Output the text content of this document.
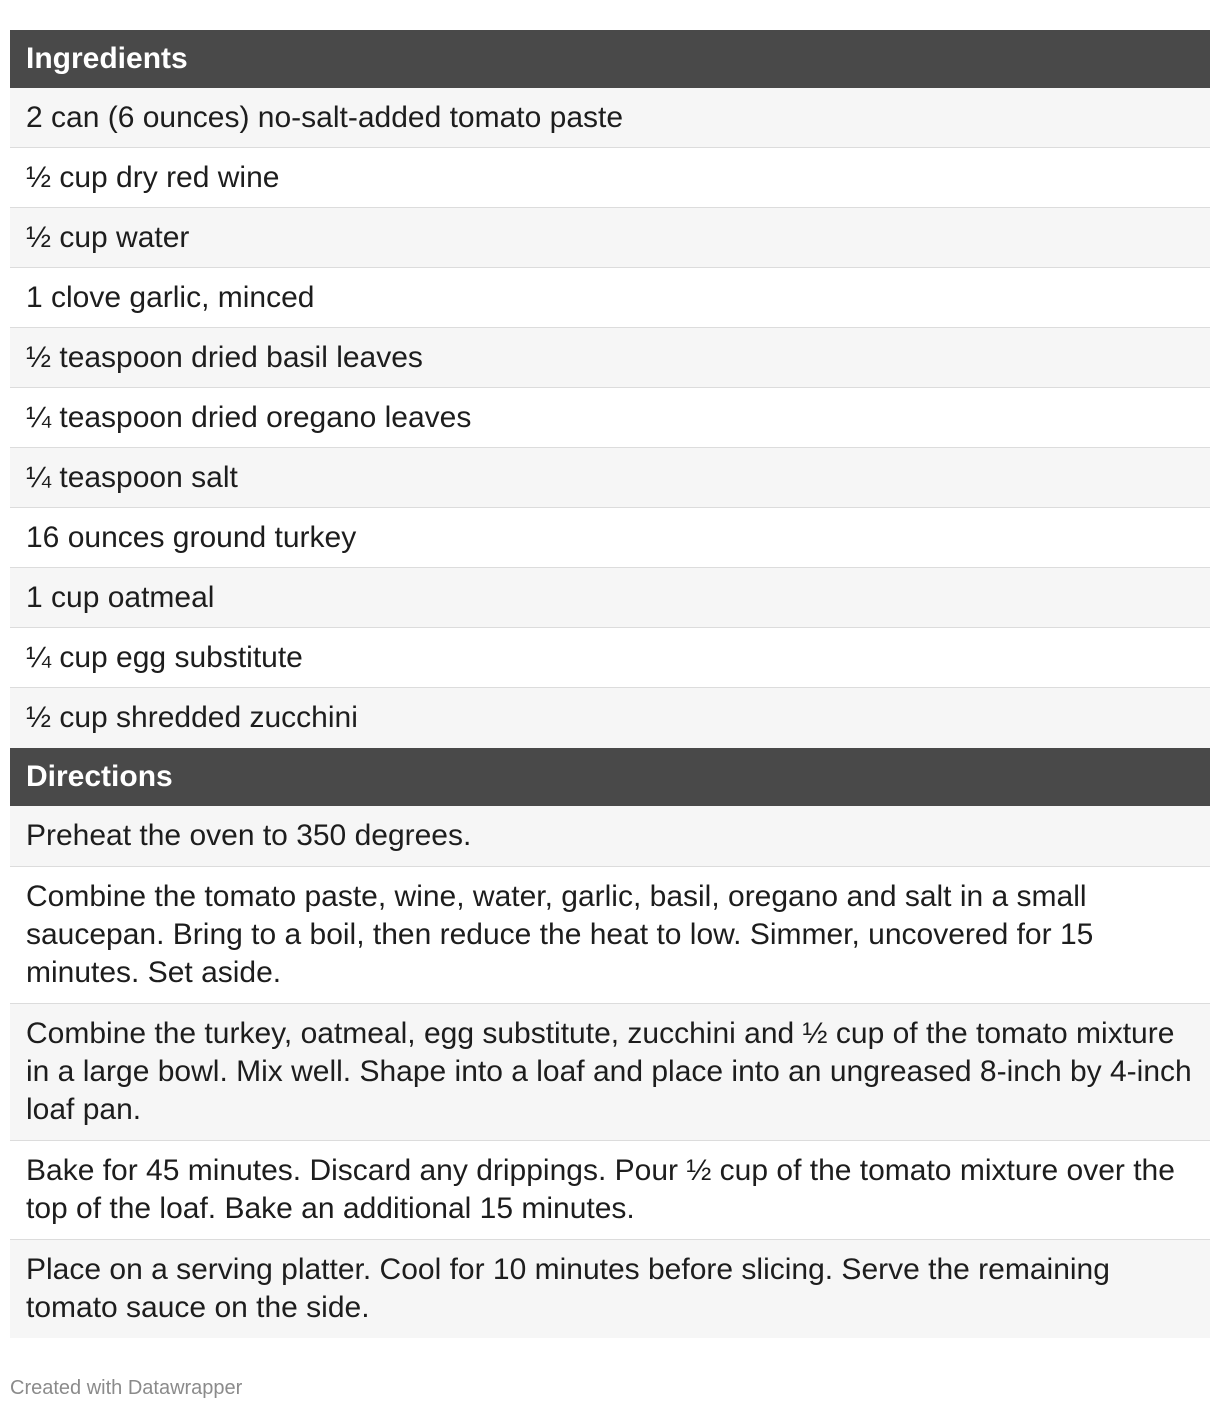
Ingredients
2 can (6 ounces) no-salt-added tomato paste
½ cup dry red wine
½ cup water
1 clove garlic, minced
½ teaspoon dried basil leaves
¼ teaspoon dried oregano leaves
¼ teaspoon salt
16 ounces ground turkey
1 cup oatmeal
¼ cup egg substitute
½ cup shredded zucchini
Directions
Preheat the oven to 350 degrees.
Combine the tomato paste, wine, water, garlic, basil, oregano and salt in a small saucepan. Bring to a boil, then reduce the heat to low. Simmer, uncovered for 15 minutes. Set aside.
Combine the turkey, oatmeal, egg substitute, zucchini and ½ cup of the tomato mixture in a large bowl. Mix well. Shape into a loaf and place into an ungreased 8-inch by 4-inch loaf pan.
Bake for 45 minutes. Discard any drippings. Pour ½ cup of the tomato mixture over the top of the loaf. Bake an additional 15 minutes.
Place on a serving platter. Cool for 10 minutes before slicing. Serve the remaining tomato sauce on the side.
Created with Datawrapper
